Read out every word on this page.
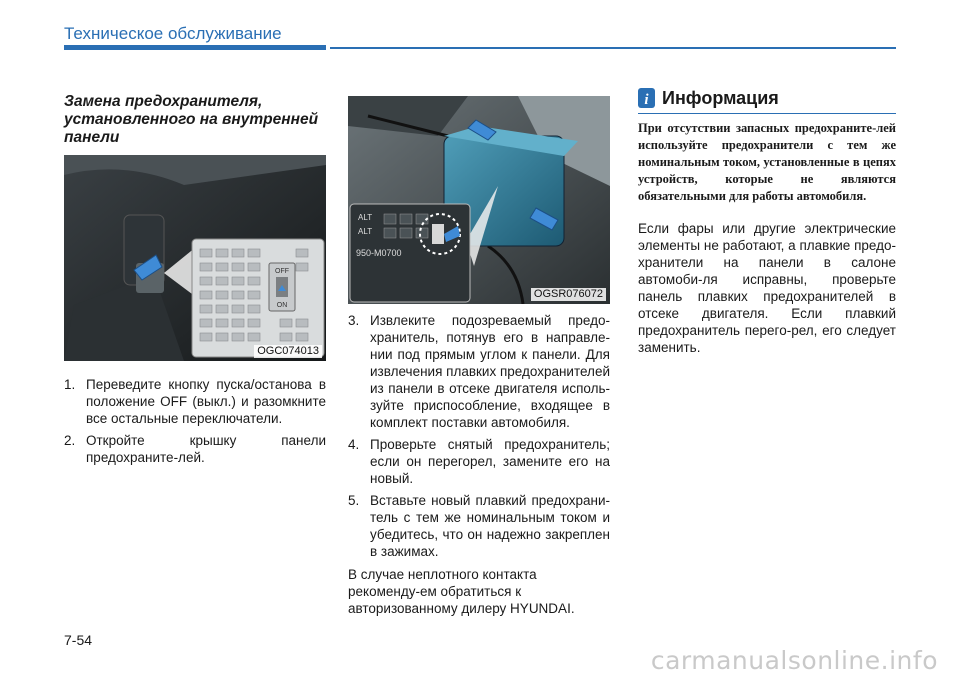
Техническое обслуживание
Замена предохранителя, установленного на внутренней панели
OFF
ON
OGC074013
ALT
ALT
950-M0700
OGSR076072
1. Переведите кнопку пуска/останова в положение OFF (выкл.) и разомкните все остальные переключатели.
2. Откройте крышку панели предохраните-лей.
3. Извлеките подозреваемый предо-хранитель, потянув его в направле-нии под прямым углом к панели. Для извлечения плавких предохранителей из панели в отсеке двигателя исполь-зуйте приспособление, входящее в комплект поставки автомобиля.
4. Проверьте снятый предохранитель; если он перегорел, замените его на новый.
5. Вставьте новый плавкий предохрани-тель с тем же номинальным током и убедитесь, что он надежно закреплен в зажимах.
В случае неплотного контакта рекоменду-ем обратиться к авторизованному дилеру HYUNDAI.
i Информация
При отсутствии запасных предохраните-лей используйте предохранители с тем же номинальным током, установленные в цепях устройств, которые не являются обязательными для работы автомобиля.
Если фары или другие электрические элементы не работают, а плавкие предо-хранители на панели в салоне автомоби-ля исправны, проверьте панель плавких предохранителей в отсеке двигателя. Если плавкий предохранитель перего-рел, его следует заменить.
7-54
carmanualsonline.info
